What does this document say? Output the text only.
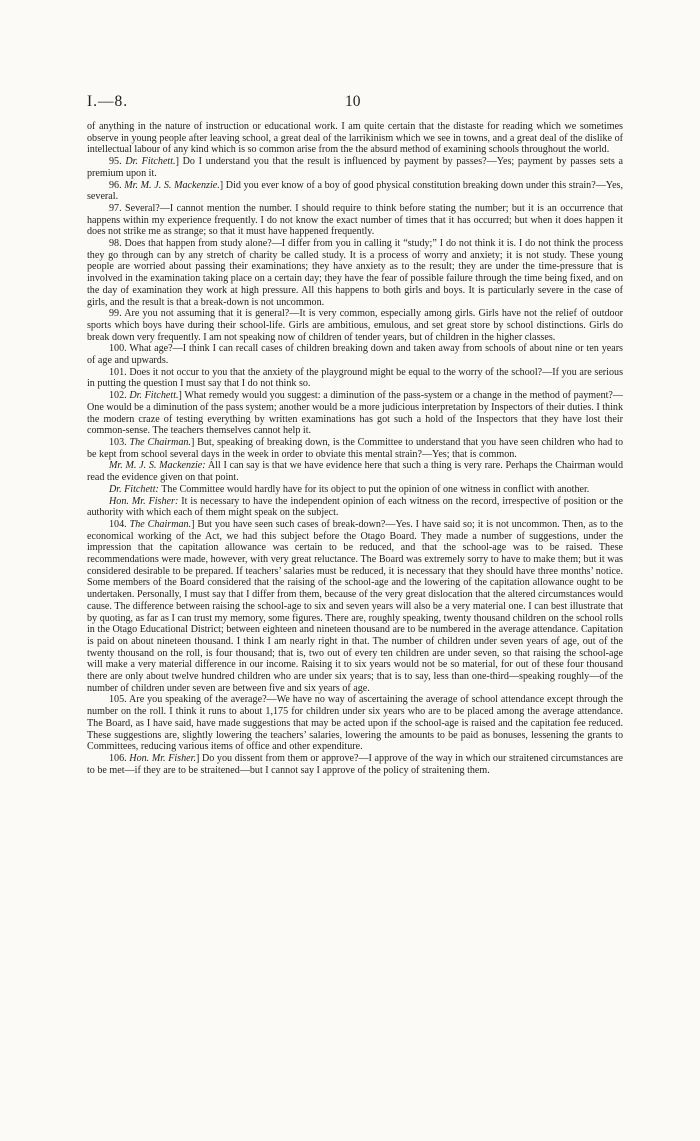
I.—8.	10

of anything in the nature of instruction or educational work. I am quite certain that the distaste for reading which we sometimes observe in young people after leaving school, a great deal of the larrikinism which we see in towns, and a great deal of the dislike of intellectual labour of any kind which is so common arise from the the absurd method of examining schools throughout the world.

95. Dr. Fitchett.] Do I understand you that the result is influenced by payment by passes?—Yes; payment by passes sets a premium upon it.

96. Mr. M. J. S. Mackenzie.] Did you ever know of a boy of good physical constitution breaking down under this strain?—Yes, several.

97. Several?—I cannot mention the number. I should require to think before stating the number; but it is an occurrence that happens within my experience frequently. I do not know the exact number of times that it has occurred; but when it does happen it does not strike me as strange; so that it must have happened frequently.

98. Does that happen from study alone?—I differ from you in calling it “study;” I do not think it is. I do not think the process they go through can by any stretch of charity be called study. It is a process of worry and anxiety; it is not study. These young people are worried about passing their examinations; they have anxiety as to the result; they are under the time-pressure that is involved in the examination taking place on a certain day; they have the fear of possible failure through the time being fixed, and on the day of examination they work at high pressure. All this happens to both girls and boys. It is particularly severe in the case of girls, and the result is that a break-down is not uncommon.

99. Are you not assuming that it is general?—It is very common, especially among girls. Girls have not the relief of outdoor sports which boys have during their school-life. Girls are ambitious, emulous, and set great store by school distinctions. Girls do break down very frequently. I am not speaking now of children of tender years, but of children in the higher classes.

100. What age?—I think I can recall cases of children breaking down and taken away from schools of about nine or ten years of age and upwards.

101. Does it not occur to you that the anxiety of the playground might be equal to the worry of the school?—If you are serious in putting the question I must say that I do not think so.

102. Dr. Fitchett.] What remedy would you suggest: a diminution of the pass-system or a change in the method of payment?—One would be a diminution of the pass system; another would be a more judicious interpretation by Inspectors of their duties. I think the modern craze of testing everything by written examinations has got such a hold of the Inspectors that they have lost their common-sense. The teachers themselves cannot help it.

103. The Chairman.] But, speaking of breaking down, is the Committee to understand that you have seen children who had to be kept from school several days in the week in order to obviate this mental strain?—Yes; that is common.

Mr. M. J. S. Mackenzie: All I can say is that we have evidence here that such a thing is very rare. Perhaps the Chairman would read the evidence given on that point.

Dr. Fitchett: The Committee would hardly have for its object to put the opinion of one witness in conflict with another.

Hon. Mr. Fisher: It is necessary to have the independent opinion of each witness on the record, irrespective of position or the authority with which each of them might speak on the subject.

104. The Chairman.] But you have seen such cases of break-down?—Yes. I have said so; it is not uncommon. Then, as to the economical working of the Act, we had this subject before the Otago Board. They made a number of suggestions, under the impression that the capitation allowance was certain to be reduced, and that the school-age was to be raised. These recommendations were made, however, with very great reluctance. The Board was extremely sorry to have to make them; but it was considered desirable to be prepared. If teachers’ salaries must be reduced, it is necessary that they should have three months’ notice. Some members of the Board considered that the raising of the school-age and the lowering of the capitation allowance ought to be undertaken. Personally, I must say that I differ from them, because of the very great dislocation that the altered circumstances would cause. The difference between raising the school-age to six and seven years will also be a very material one. I can best illustrate that by quoting, as far as I can trust my memory, some figures. There are, roughly speaking, twenty thousand children on the school rolls in the Otago Educational District; between eighteen and nineteen thousand are to be numbered in the average attendance. Capitation is paid on about nineteen thousand. I think I am nearly right in that. The number of children under seven years of age, out of the twenty thousand on the roll, is four thousand; that is, two out of every ten children are under seven, so that raising the school-age will make a very material difference in our income. Raising it to six years would not be so material, for out of these four thousand there are only about twelve hundred children who are under six years; that is to say, less than one-third—speaking roughly—of the number of children under seven are between five and six years of age.

105. Are you speaking of the average?—We have no way of ascertaining the average of school attendance except through the number on the roll. I think it runs to about 1,175 for children under six years who are to be placed among the average attendance. The Board, as I have said, have made suggestions that may be acted upon if the school-age is raised and the capitation fee reduced. These suggestions are, slightly lowering the teachers’ salaries, lowering the amounts to be paid as bonuses, lessening the grants to Committees, reducing various items of office and other expenditure.

106. Hon. Mr. Fisher.] Do you dissent from them or approve?—I approve of the way in which our straitened circumstances are to be met—if they are to be straitened—but I cannot say I approve of the policy of straitening them.
